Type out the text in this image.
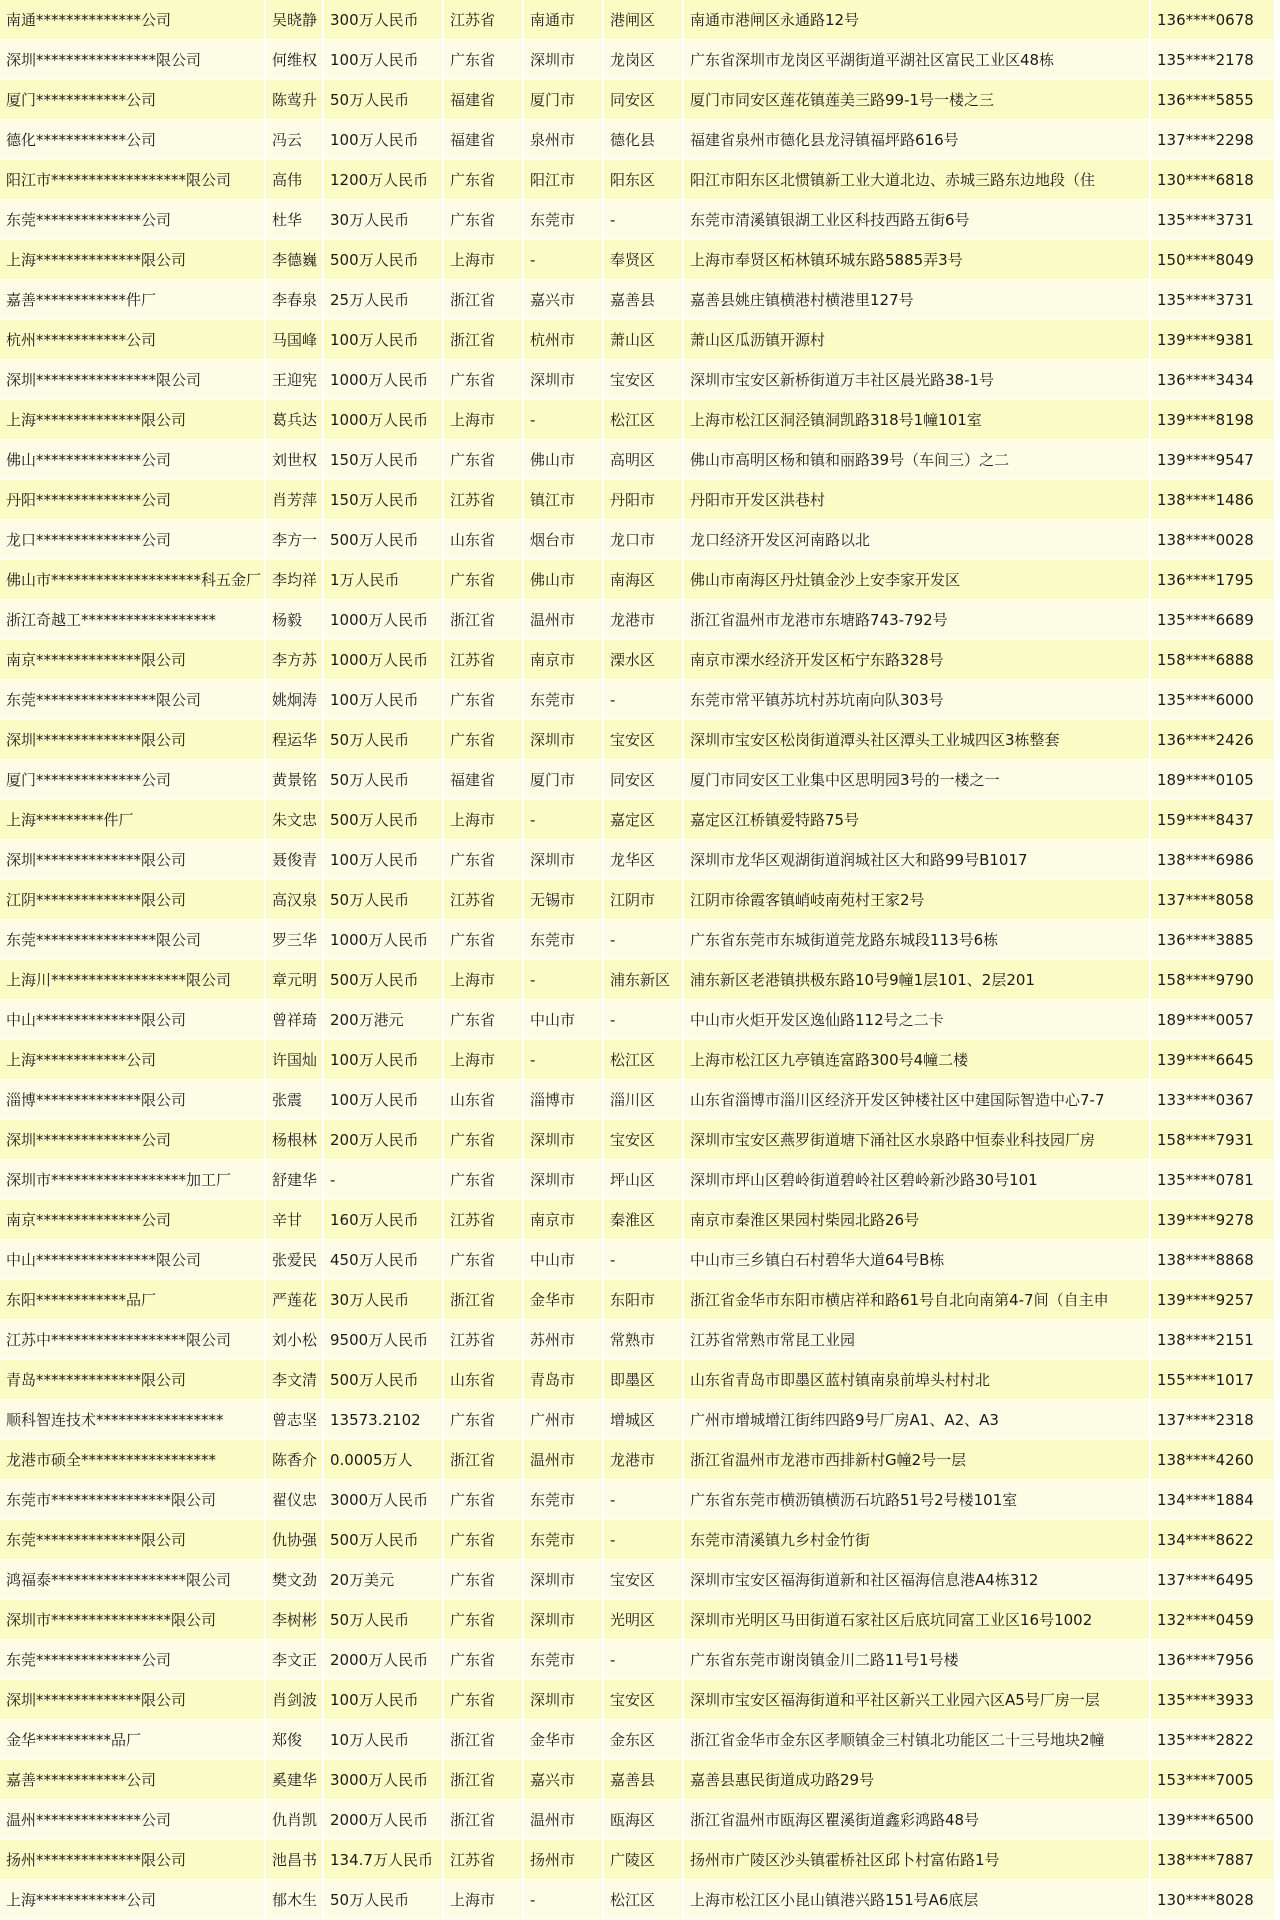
南通**************公司	吴晓静	300万人民币	江苏省	南通市	港闸区	南通市港闸区永通路12号	136****0678
深圳****************限公司	何维权	100万人民币	广东省	深圳市	龙岗区	广东省深圳市龙岗区平湖街道平湖社区富民工业区48栋	135****2178
厦门************公司	陈莺升	50万人民币	福建省	厦门市	同安区	厦门市同安区莲花镇莲美三路99-1号一楼之三	136****5855
德化************公司	冯云	100万人民币	福建省	泉州市	德化县	福建省泉州市德化县龙浔镇福坪路616号	137****2298
阳江市******************限公司	高伟	1200万人民币	广东省	阳江市	阳东区	阳江市阳东区北惯镇新工业大道北边、赤城三路东边地段（住	130****6818
东莞**************公司	杜华	30万人民币	广东省	东莞市	-	东莞市清溪镇银湖工业区科技西路五街6号	135****3731
上海**************限公司	李德巍	500万人民币	上海市	-	奉贤区	上海市奉贤区柘林镇环城东路5885弄3号	150****8049
嘉善************件厂	李春泉	25万人民币	浙江省	嘉兴市	嘉善县	嘉善县姚庄镇横港村横港里127号	135****3731
杭州************公司	马国峰	100万人民币	浙江省	杭州市	萧山区	萧山区瓜沥镇开源村	139****9381
深圳****************限公司	王迎宪	1000万人民币	广东省	深圳市	宝安区	深圳市宝安区新桥街道万丰社区晨光路38-1号	136****3434
上海**************限公司	葛兵达	1000万人民币	上海市	-	松江区	上海市松江区洞泾镇洞凯路318号1幢101室	139****8198
佛山**************公司	刘世权	150万人民币	广东省	佛山市	高明区	佛山市高明区杨和镇和丽路39号（车间三）之二	139****9547
丹阳**************公司	肖芳萍	150万人民币	江苏省	镇江市	丹阳市	丹阳市开发区洪巷村	138****1486
龙口**************公司	李方一	500万人民币	山东省	烟台市	龙口市	龙口经济开发区河南路以北	138****0028
佛山市********************科五金厂	李均祥	1万人民币	广东省	佛山市	南海区	佛山市南海区丹灶镇金沙上安李家开发区	136****1795
浙江奇越工******************	杨毅	1000万人民币	浙江省	温州市	龙港市	浙江省温州市龙港市东塘路743-792号	135****6689
南京**************限公司	李方苏	1000万人民币	江苏省	南京市	溧水区	南京市溧水经济开发区柘宁东路328号	158****6888
东莞****************限公司	姚炯涛	100万人民币	广东省	东莞市	-	东莞市常平镇苏坑村苏坑南向队303号	135****6000
深圳**************限公司	程运华	50万人民币	广东省	深圳市	宝安区	深圳市宝安区松岗街道潭头社区潭头工业城四区3栋整套	136****2426
厦门**************公司	黄景铭	50万人民币	福建省	厦门市	同安区	厦门市同安区工业集中区思明园3号的一楼之一	189****0105
上海*********件厂	朱文忠	500万人民币	上海市	-	嘉定区	嘉定区江桥镇爱特路75号	159****8437
深圳**************限公司	聂俊青	100万人民币	广东省	深圳市	龙华区	深圳市龙华区观湖街道润城社区大和路99号B1017	138****6986
江阴**************限公司	高汉泉	50万人民币	江苏省	无锡市	江阴市	江阴市徐霞客镇峭岐南苑村王家2号	137****8058
东莞****************限公司	罗三华	1000万人民币	广东省	东莞市	-	广东省东莞市东城街道莞龙路东城段113号6栋	136****3885
上海川******************限公司	章元明	500万人民币	上海市	-	浦东新区	浦东新区老港镇拱极东路10号9幢1层101、2层201	158****9790
中山**************限公司	曾祥琦	200万港元	广东省	中山市	-	中山市火炬开发区逸仙路112号之二卡	189****0057
上海************公司	许国灿	100万人民币	上海市	-	松江区	上海市松江区九亭镇连富路300号4幢二楼	139****6645
淄博**************限公司	张震	100万人民币	山东省	淄博市	淄川区	山东省淄博市淄川区经济开发区钟楼社区中建国际智造中心7-7	133****0367
深圳**************公司	杨根林	200万人民币	广东省	深圳市	宝安区	深圳市宝安区燕罗街道塘下涌社区水泉路中恒泰业科技园厂房	158****7931
深圳市******************加工厂	舒建华	-	广东省	深圳市	坪山区	深圳市坪山区碧岭街道碧岭社区碧岭新沙路30号101	135****0781
南京**************公司	辛甘	160万人民币	江苏省	南京市	秦淮区	南京市秦淮区果园村柴园北路26号	139****9278
中山****************限公司	张爱民	450万人民币	广东省	中山市	-	中山市三乡镇白石村碧华大道64号B栋	138****8868
东阳************品厂	严莲花	30万人民币	浙江省	金华市	东阳市	浙江省金华市东阳市横店祥和路61号自北向南第4-7间（自主申	139****9257
江苏中******************限公司	刘小松	9500万人民币	江苏省	苏州市	常熟市	江苏省常熟市常昆工业园	138****2151
青岛**************限公司	李文清	500万人民币	山东省	青岛市	即墨区	山东省青岛市即墨区蓝村镇南泉前埠头村村北	155****1017
顺科智连技术*****************	曾志坚	13573.2102	广东省	广州市	增城区	广州市增城增江街纬四路9号厂房A1、A2、A3	137****2318
龙港市硕全******************	陈香介	0.0005万人	浙江省	温州市	龙港市	浙江省温州市龙港市西排新村G幢2号一层	138****4260
东莞市****************限公司	翟仪忠	3000万人民币	广东省	东莞市	-	广东省东莞市横沥镇横沥石坑路51号2号楼101室	134****1884
东莞**************限公司	仇协强	500万人民币	广东省	东莞市	-	东莞市清溪镇九乡村金竹街	134****8622
鸿福泰******************限公司	樊文劲	20万美元	广东省	深圳市	宝安区	深圳市宝安区福海街道新和社区福海信息港A4栋312	137****6495
深圳市****************限公司	李树彬	50万人民币	广东省	深圳市	光明区	深圳市光明区马田街道石家社区后底坑同富工业区16号1002	132****0459
东莞**************公司	李文正	2000万人民币	广东省	东莞市	-	广东省东莞市谢岗镇金川二路11号1号楼	136****7956
深圳**************限公司	肖剑波	100万人民币	广东省	深圳市	宝安区	深圳市宝安区福海街道和平社区新兴工业园六区A5号厂房一层	135****3933
金华**********品厂	郑俊	10万人民币	浙江省	金华市	金东区	浙江省金华市金东区孝顺镇金三村镇北功能区二十三号地块2幢	135****2822
嘉善************公司	奚建华	3000万人民币	浙江省	嘉兴市	嘉善县	嘉善县惠民街道成功路29号	153****7005
温州**************公司	仇肖凯	2000万人民币	浙江省	温州市	瓯海区	浙江省温州市瓯海区瞿溪街道鑫彩鸿路48号	139****6500
扬州**************限公司	池昌书	134.7万人民币	江苏省	扬州市	广陵区	扬州市广陵区沙头镇霍桥社区邱卜村富佑路1号	138****7887
上海************公司	郁木生	50万人民币	上海市	-	松江区	上海市松江区小昆山镇港兴路151号A6底层	130****8028
